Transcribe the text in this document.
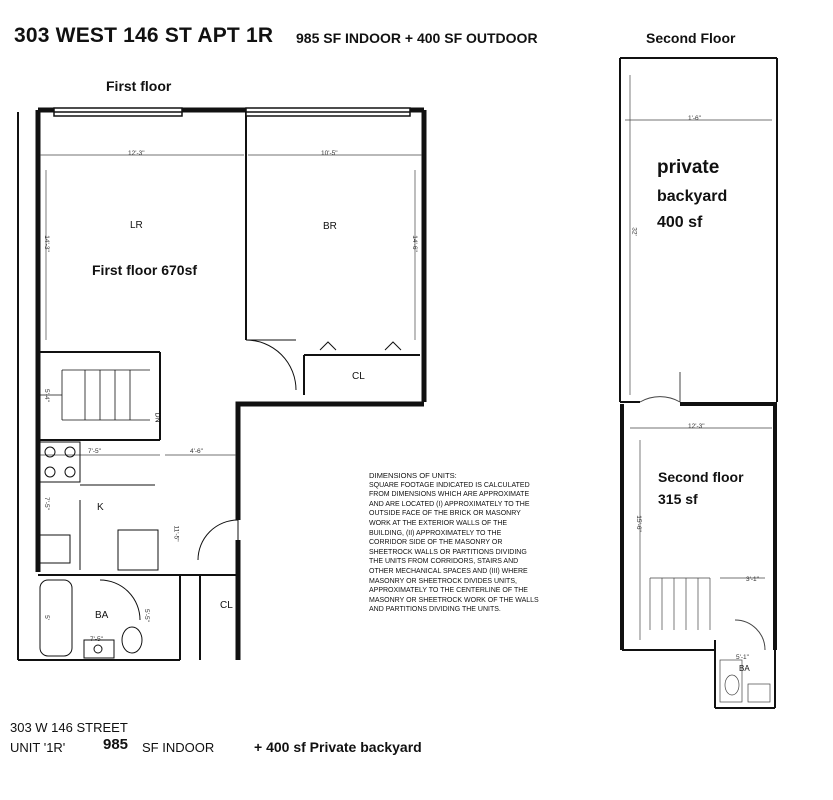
303 WEST 146 ST APT 1R 985 SF INDOOR + 400 SF OUTDOOR	Second Floor
First floor
LR	BR
CL
K
BA
CL
DN
First floor 670sf
12'-3"	10'-5"
14'-3"	14'-6"
5'-4"
7'-5"	4'-6"
7'-5"
11'-5"
5'
7'-5"
5'-5"
private
backyard
400 sf
Second floor
315 sf
BA
1'-6"
32'
12'-3"
15'-6"
3'-1"
5'-1"
DIMENSIONS OF UNITS:
SQUARE FOOTAGE INDICATED IS CALCULATED FROM DIMENSIONS WHICH ARE APPROXIMATE AND ARE LOCATED (I) APPROXIMATELY TO THE OUTSIDE FACE OF THE BRICK OR MASONRY WORK AT THE EXTERIOR WALLS OF THE BUILDING, (II) APPROXIMATELY TO THE CORRIDOR SIDE OF THE MASONRY OR SHEETROCK WALLS OR PARTITIONS DIVIDING THE UNITS FROM CORRIDORS, STAIRS AND OTHER MECHANICAL SPACES AND (III) WHERE MASONRY OR SHEETROCK DIVIDES UNITS, APPROXIMATELY TO THE CENTERLINE OF THE MASONRY OR SHEETROCK WORK OF THE WALLS AND PARTITIONS DIVIDING THE UNITS.
303 W 146 STREET
UNIT '1R'	985 SF INDOOR	+ 400 sf Private backyard
